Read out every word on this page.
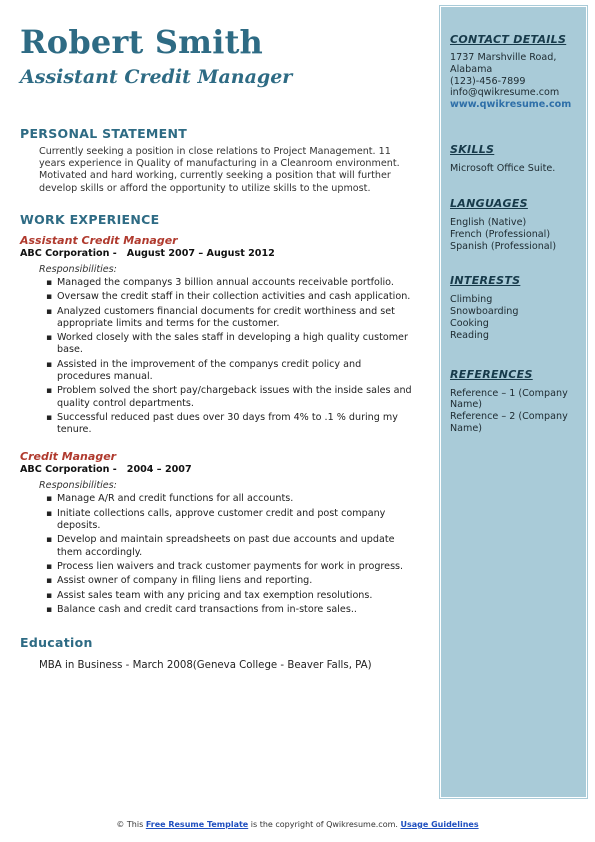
Robert Smith
Assistant Credit Manager
PERSONAL STATEMENT
Currently seeking a position in close relations to Project Management. 11 years experience in Quality of manufacturing in a Cleanroom environment. Motivated and hard working, currently seeking a position that will further develop skills or afford the opportunity to utilize skills to the upmost.
WORK EXPERIENCE
Assistant Credit Manager
ABC Corporation - August 2007 – August 2012
Responsibilities:
▪ Managed the companys 3 billion annual accounts receivable portfolio.
▪ Oversaw the credit staff in their collection activities and cash application.
▪ Analyzed customers financial documents for credit worthiness and set appropriate limits and terms for the customer.
▪ Worked closely with the sales staff in developing a high quality customer base.
▪ Assisted in the improvement of the companys credit policy and procedures manual.
▪ Problem solved the short pay/chargeback issues with the inside sales and quality control departments.
▪ Successful reduced past dues over 30 days from 4% to .1 % during my tenure.
Credit Manager
ABC Corporation - 2004 – 2007
Responsibilities:
▪ Manage A/R and credit functions for all accounts.
▪ Initiate collections calls, approve customer credit and post company deposits.
▪ Develop and maintain spreadsheets on past due accounts and update them accordingly.
▪ Process lien waivers and track customer payments for work in progress.
▪ Assist owner of company in filing liens and reporting.
▪ Assist sales team with any pricing and tax exemption resolutions.
▪ Balance cash and credit card transactions from in-store sales..
Education
MBA in Business - March 2008(Geneva College - Beaver Falls, PA)
CONTACT DETAILS
1737 Marshville Road,
Alabama
(123)-456-7899
info@qwikresume.com
www.qwikresume.com
SKILLS
Microsoft Office Suite.
LANGUAGES
English (Native)
French (Professional)
Spanish (Professional)
INTERESTS
Climbing
Snowboarding
Cooking
Reading
REFERENCES
Reference – 1 (Company Name)
Reference – 2 (Company Name)
© This Free Resume Template is the copyright of Qwikresume.com. Usage Guidelines
